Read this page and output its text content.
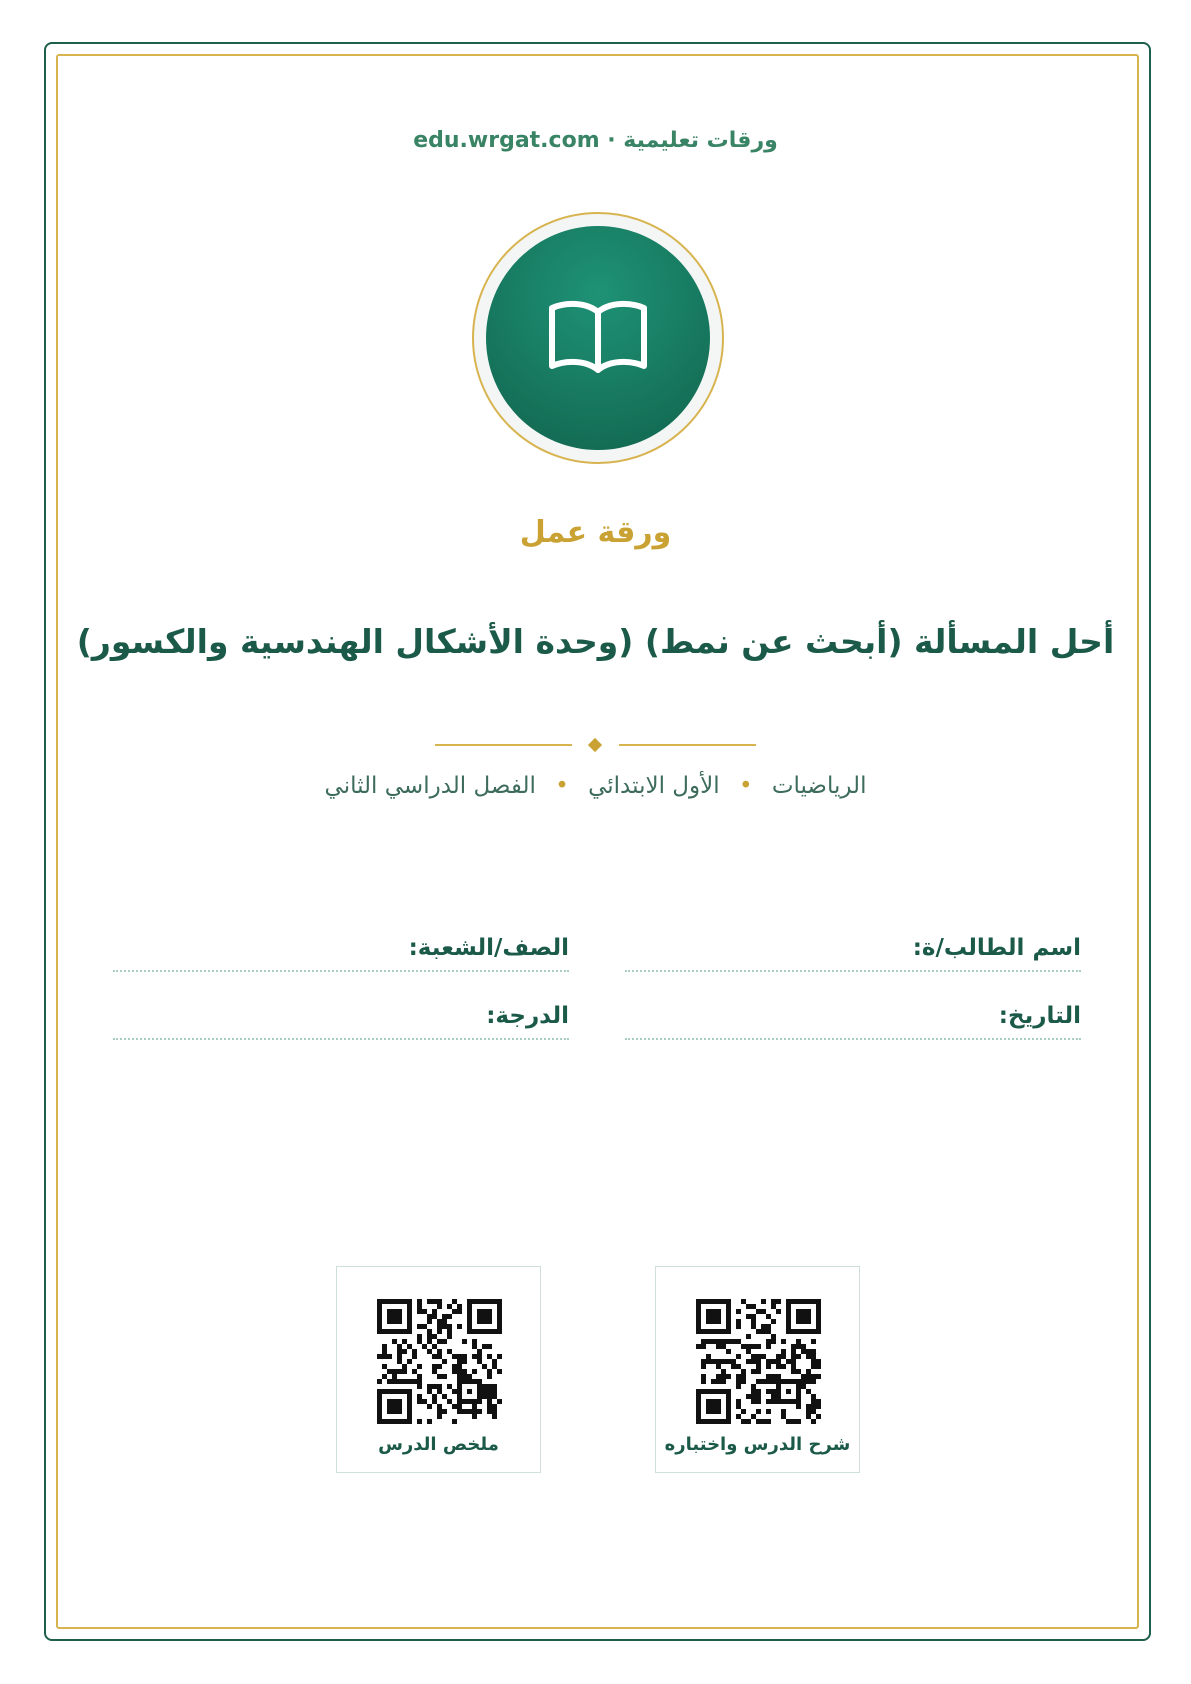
ورقات تعليمية · edu.wrgat.com
ورقة عمل
أحل المسألة (أبحث عن نمط) (وحدة الأشكال الهندسية والكسور)
الرياضيات • الأول الابتدائي • الفصل الدراسي الثاني
اسم الطالب/ة:
الصف/الشعبة:
التاريخ:
الدرجة:
شرح الدرس واختباره
ملخص الدرس
